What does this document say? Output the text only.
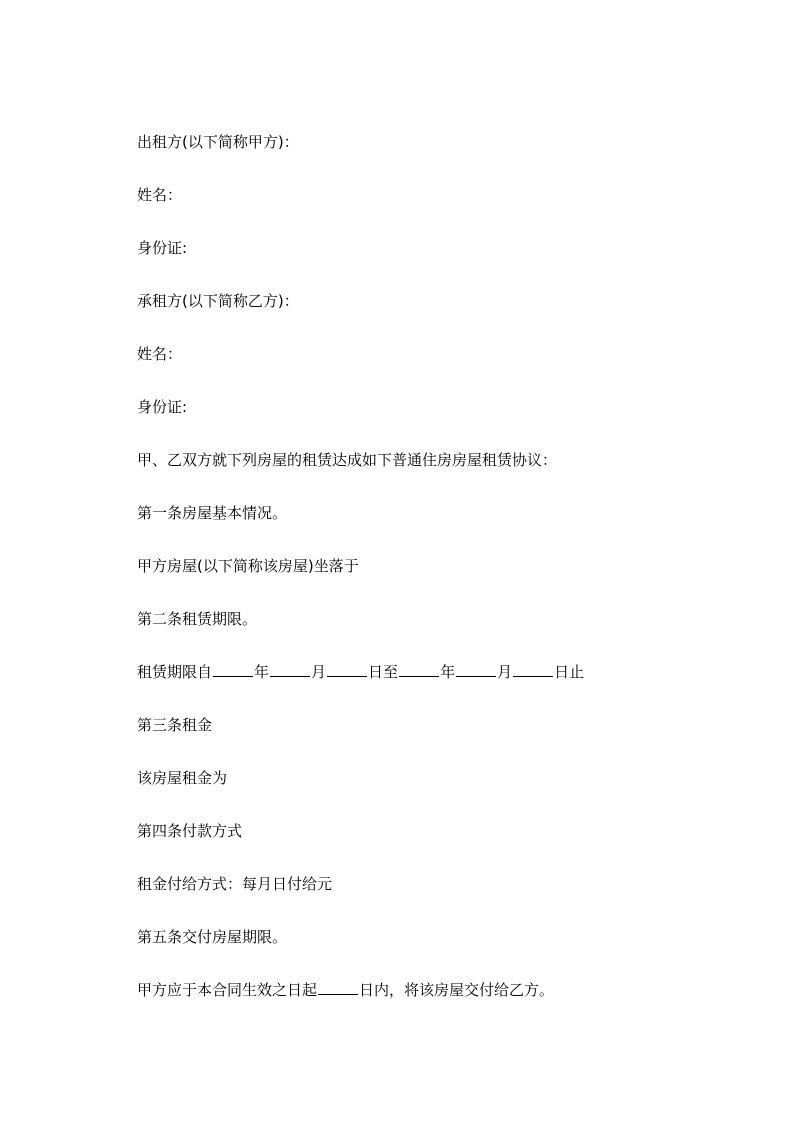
出租方(以下简称甲方)：
姓名：
身份证:
承租方(以下简称乙方)：
姓名：
身份证:
甲、乙双方就下列房屋的租赁达成如下普通住房房屋租赁协议：
第一条房屋基本情况。
甲方房屋(以下简称该房屋)坐落于
第二条租赁期限。
租赁期限自	年	月	日至	年	月	日止
第三条租金
该房屋租金为
第四条付款方式
租金付给方式：每月日付给元
第五条交付房屋期限。
甲方应于本合同生效之日起	日内，将该房屋交付给乙方。
